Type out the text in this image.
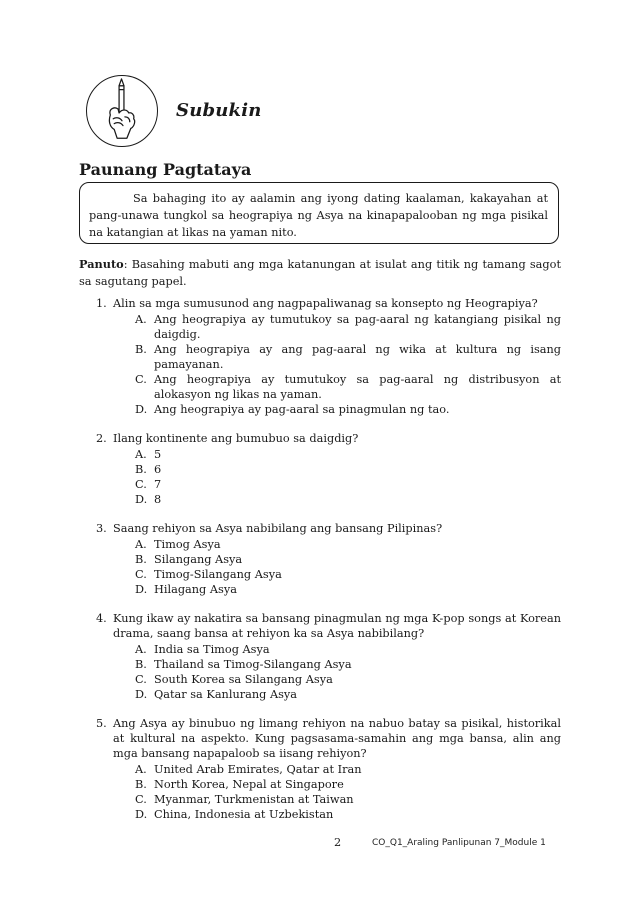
Subukin
Paunang Pagtataya
Sa bahaging ito ay aalamin ang iyong dating kaalaman, kakayahan at pang-unawa tungkol sa heograpiya ng Asya na kinapapalooban ng mga pisikal na katangian at likas na yaman nito.

Panuto: Basahing mabuti ang mga katanungan at isulat ang titik ng tamang sagot sa sagutang papel.

1. Alin sa mga sumusunod ang nagpapaliwanag sa konsepto ng Heograpiya?
A. Ang heograpiya ay tumutukoy sa pag-aaral ng katangiang pisikal ng daigdig.
B. Ang heograpiya ay ang pag-aaral ng wika at kultura ng isang pamayanan.
C. Ang heograpiya ay tumutukoy sa pag-aaral ng distribusyon at alokasyon ng likas na yaman.
D. Ang heograpiya ay pag-aaral sa pinagmulan ng tao.
2. Ilang kontinente ang bumubuo sa daigdig?
A. 5
B. 6
C. 7
D. 8
3. Saang rehiyon sa Asya nabibilang ang bansang Pilipinas?
A. Timog Asya
B. Silangang Asya
C. Timog-Silangang Asya
D. Hilagang Asya
4. Kung ikaw ay nakatira sa bansang pinagmulan ng mga K-pop songs at Korean drama, saang bansa at rehiyon ka sa Asya nabibilang?
A. India sa Timog Asya
B. Thailand sa Timog-Silangang Asya
C. South Korea sa Silangang Asya
D. Qatar sa Kanlurang Asya
5. Ang Asya ay binubuo ng limang rehiyon na nabuo batay sa pisikal, historikal at kultural na aspekto. Kung pagsasama-samahin ang mga bansa, alin ang mga bansang napapaloob sa iisang rehiyon?
A. United Arab Emirates, Qatar at Iran
B. North Korea, Nepal at Singapore
C. Myanmar, Turkmenistan at Taiwan
D. China, Indonesia at Uzbekistan
2	CO_Q1_Araling Panlipunan 7_Module 1
